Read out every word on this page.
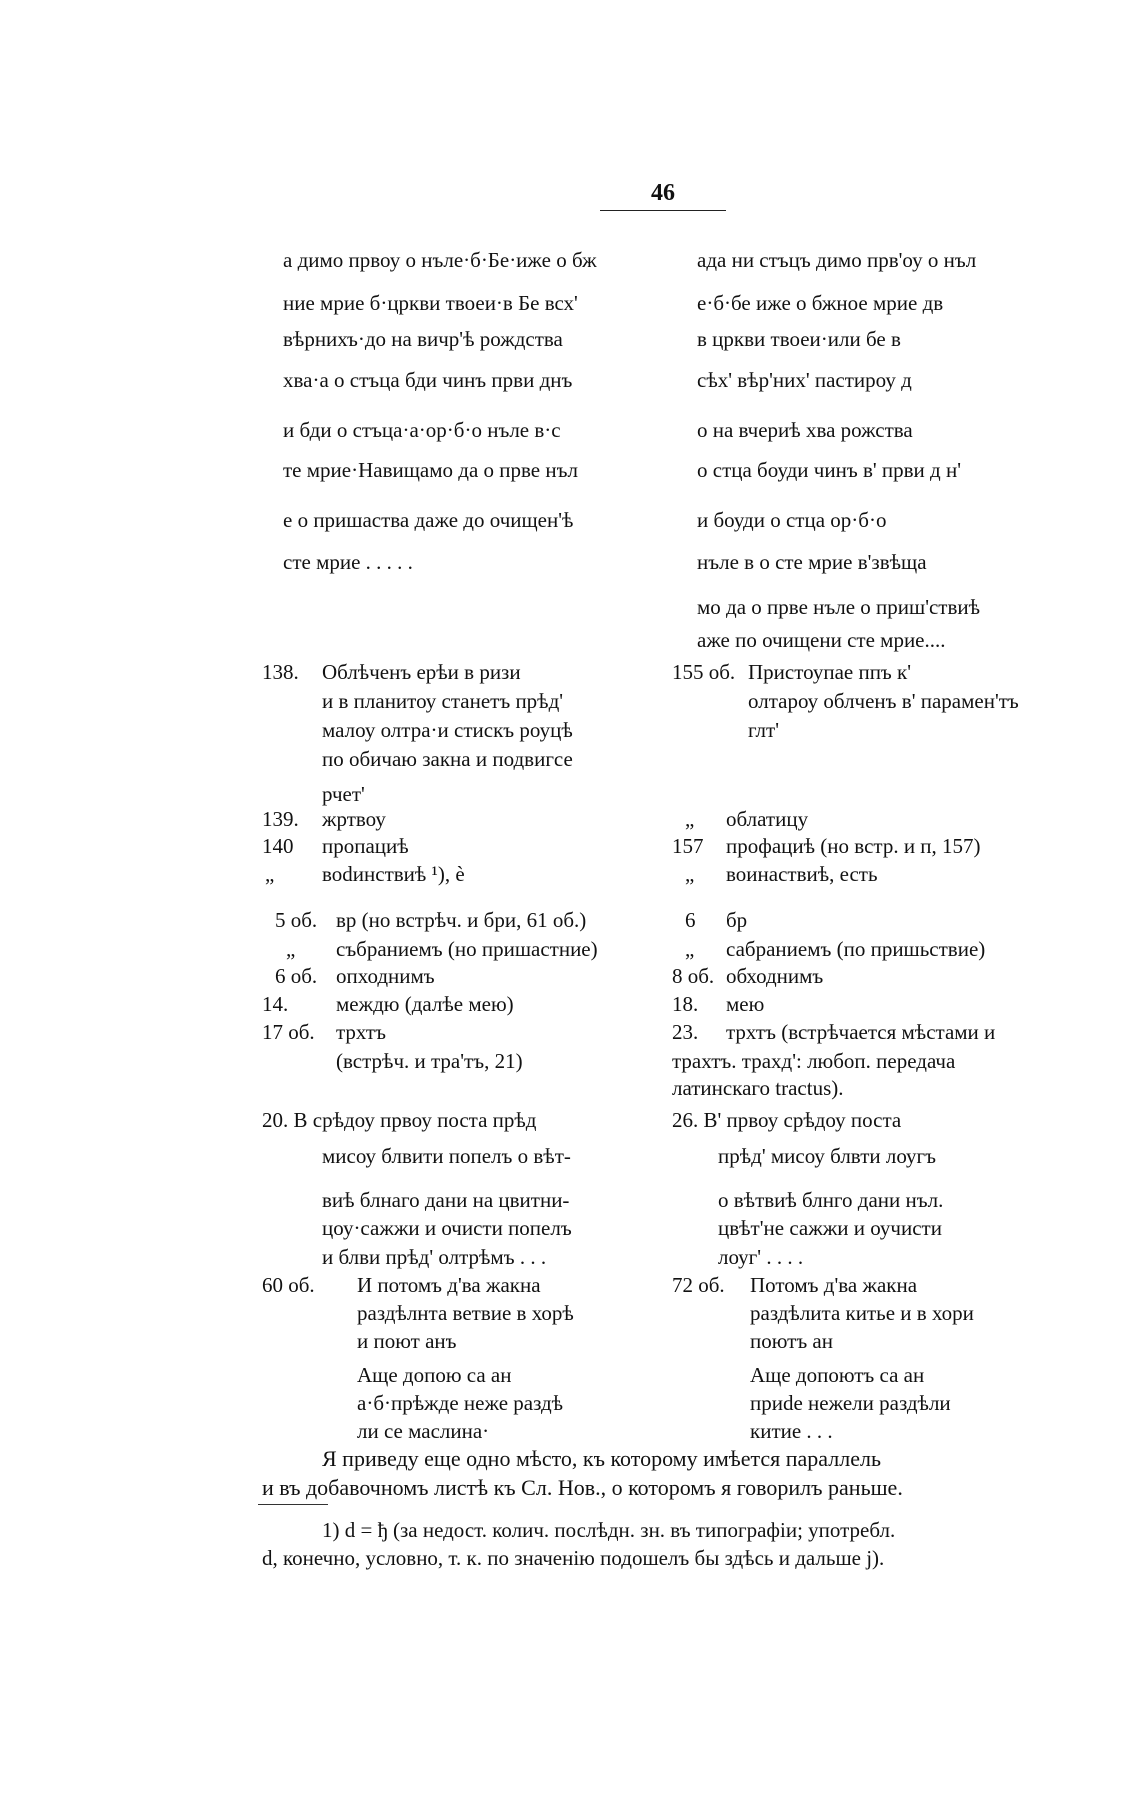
46
а димо првоу о нъле·б·Бе·иже о бж
ние мрие б·цркви твоеи·в Бе всх'
вѣрнихъ·до на вичр'ѣ рождства
хва·а о стъца бди чинъ први днъ
и бди о стъца·а·ор·б·о нъле в·с
те мрие·Навищамо да о прве нъл
е о пришаства даже до очищен'ѣ
сте мрие . . . . .
ада ни стъцъ димо прв'оу о нъл
е·б·бе иже о бжное мрие дв
в цркви твоеи·или бе в
сѣх' вѣр'них' пастироу д
о на вчериѣ хва рожства
о стца боуди чинъ в' први д н'
и боуди о стца ор·б·о
нъле в о сте мрие в'звѣща
мо да о прве нъле о приш'ствиѣ
аже по очищени сте мрие....
138. Облѣченъ ерѣи в ризи
и в планитоу станетъ прѣд'
малоу олтра·и стискъ роуцѣ
по обичаю закна и подвигсе
рчет'
155 об. Пристоупае ппъ к'
олтароу облченъ в' парамен'тъ
глт'
139. жртвоу
140 пропациѣ
„ воdинствиѣ ¹), ѐ
5 об. вр (но встрѣч. и бри, 61 об.)
„ събраниемъ (но пришастние)
6 об. опходнимъ
14. междю (далѣе мею)
17 об. трхтъ
(встрѣч. и тра'тъ, 21)
„ облатицу
157 профациѣ (но встр. и п, 157)
„ воинаствиѣ, есть
6 бр
„ сабраниемъ (по пришьствие)
8 об. обходнимъ
18. мею
23. трхтъ (встрѣчается мѣстами и
трахтъ. трахд': любоп. передача
латинскаго tractus).
20. В срѣдоу првоу поста прѣд
мисоу блвити попелъ о вѣт-
виѣ блнаго дани на цвитни-
цоу·сажжи и очисти попелъ
и блви прѣд' олтрѣмъ . . .
26. В' првоу срѣдоу поста
прѣд' мисоу блвти лоугъ
о вѣтвиѣ блнго дани нъл.
цвѣт'не сажжи и оучисти
лоуг' . . . .
60 об. И потомъ д'ва жакна
раздѣлнта ветвие в хорѣ
и поют анъ
Аще допою са ан
а·б·прѣжде неже раздѣ
ли се маслина·
72 об. Потомъ д'ва жакна
раздѣлита китье и в хори
поютъ ан
Аще допоютъ са ан
приdе нежели раздѣли
китие . . .
Я приведу еще одно мѣсто, къ которому имѣется параллель
и въ добавочномъ листѣ къ Сл. Нов., о которомъ я говорилъ раньше.
1) d = ђ (за недост. колич. послѣдн. зн. въ типографіи; употребл.
d, конечно, условно, т. к. по значенію подошелъ бы здѣсь и дальше j).
